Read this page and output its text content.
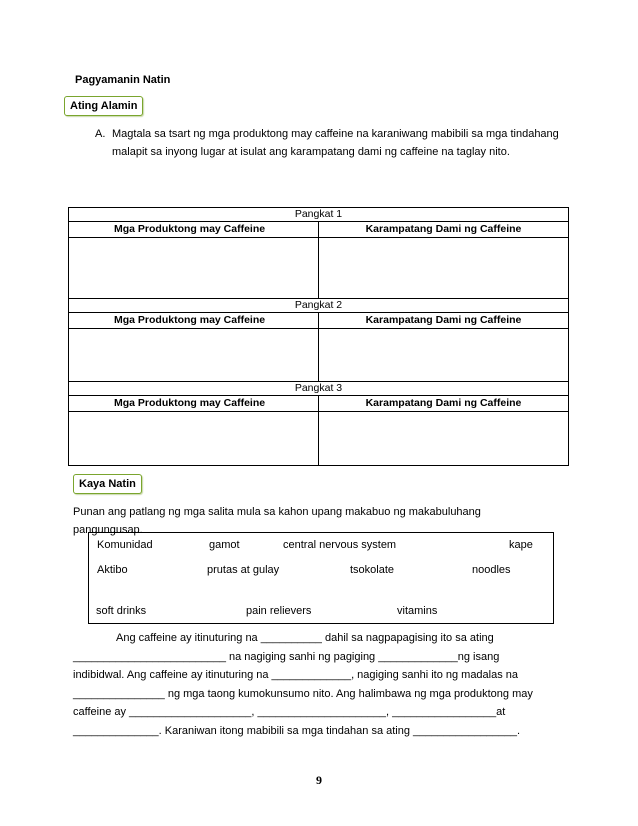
Pagyamanin Natin
Ating Alamin
A. Magtala sa tsart ng mga produktong may caffeine na karaniwang mabibili sa mga tindahang malapit sa inyong lugar at isulat ang karampatang dami ng caffeine na taglay nito.
Pangkat 1	
Mga Produktong may Caffeine	Karampatang Dami ng Caffeine

Pangkat 2	
Mga Produktong may Caffeine	Karampatang Dami ng Caffeine

Pangkat 3	
Mga Produktong may Caffeine	Karampatang Dami ng Caffeine

Kaya Natin
Punan ang patlang ng mga salita mula sa kahon upang makabuo ng makabuluhang pangungusap.
Komunidad	gamot	central nervous system	kape
Aktibo	prutas at gulay	tsokolate	noodles
soft drinks	pain relievers	vitamins
Ang caffeine ay itinuturing na __________ dahil sa nagpapagising ito sa ating
_________________________ na nagiging sanhi ng pagiging _____________ng isang
indibidwal. Ang caffeine ay itinuturing na _____________, nagiging sanhi ito ng madalas na
_______________ ng mga taong kumokunsumo nito. Ang halimbawa ng mga produktong may
caffeine ay ____________________, _____________________, _________________at
______________. Karaniwan itong mabibili sa mga tindahan sa ating _________________.
9
